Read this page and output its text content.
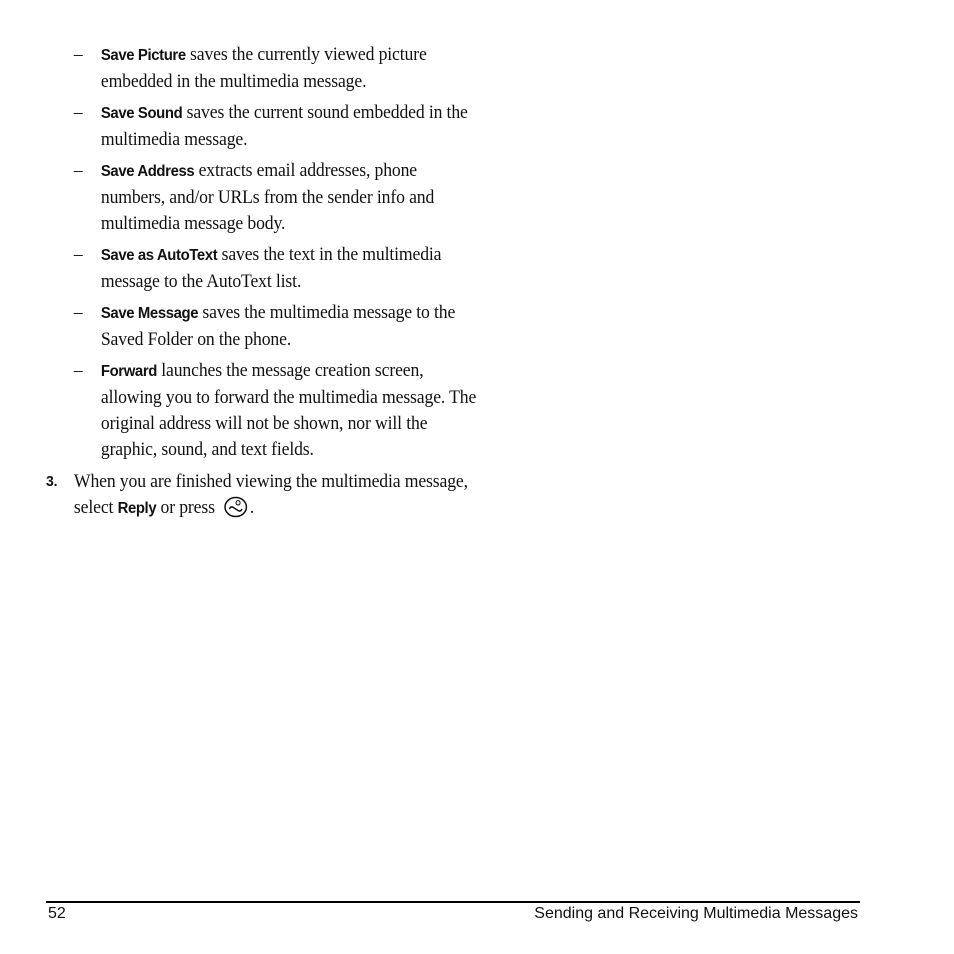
– Save Picture saves the currently viewed picture embedded in the multimedia message.
– Save Sound saves the current sound embedded in the multimedia message.
– Save Address extracts email addresses, phone numbers, and/or URLs from the sender info and multimedia message body.
– Save as AutoText saves the text in the multimedia message to the AutoText list.
– Save Message saves the multimedia message to the Saved Folder on the phone.
– Forward launches the message creation screen, allowing you to forward the multimedia message. The original address will not be shown, nor will the graphic, sound, and text fields.
3. When you are finished viewing the multimedia message, select Reply or press .
52	Sending and Receiving Multimedia Messages
